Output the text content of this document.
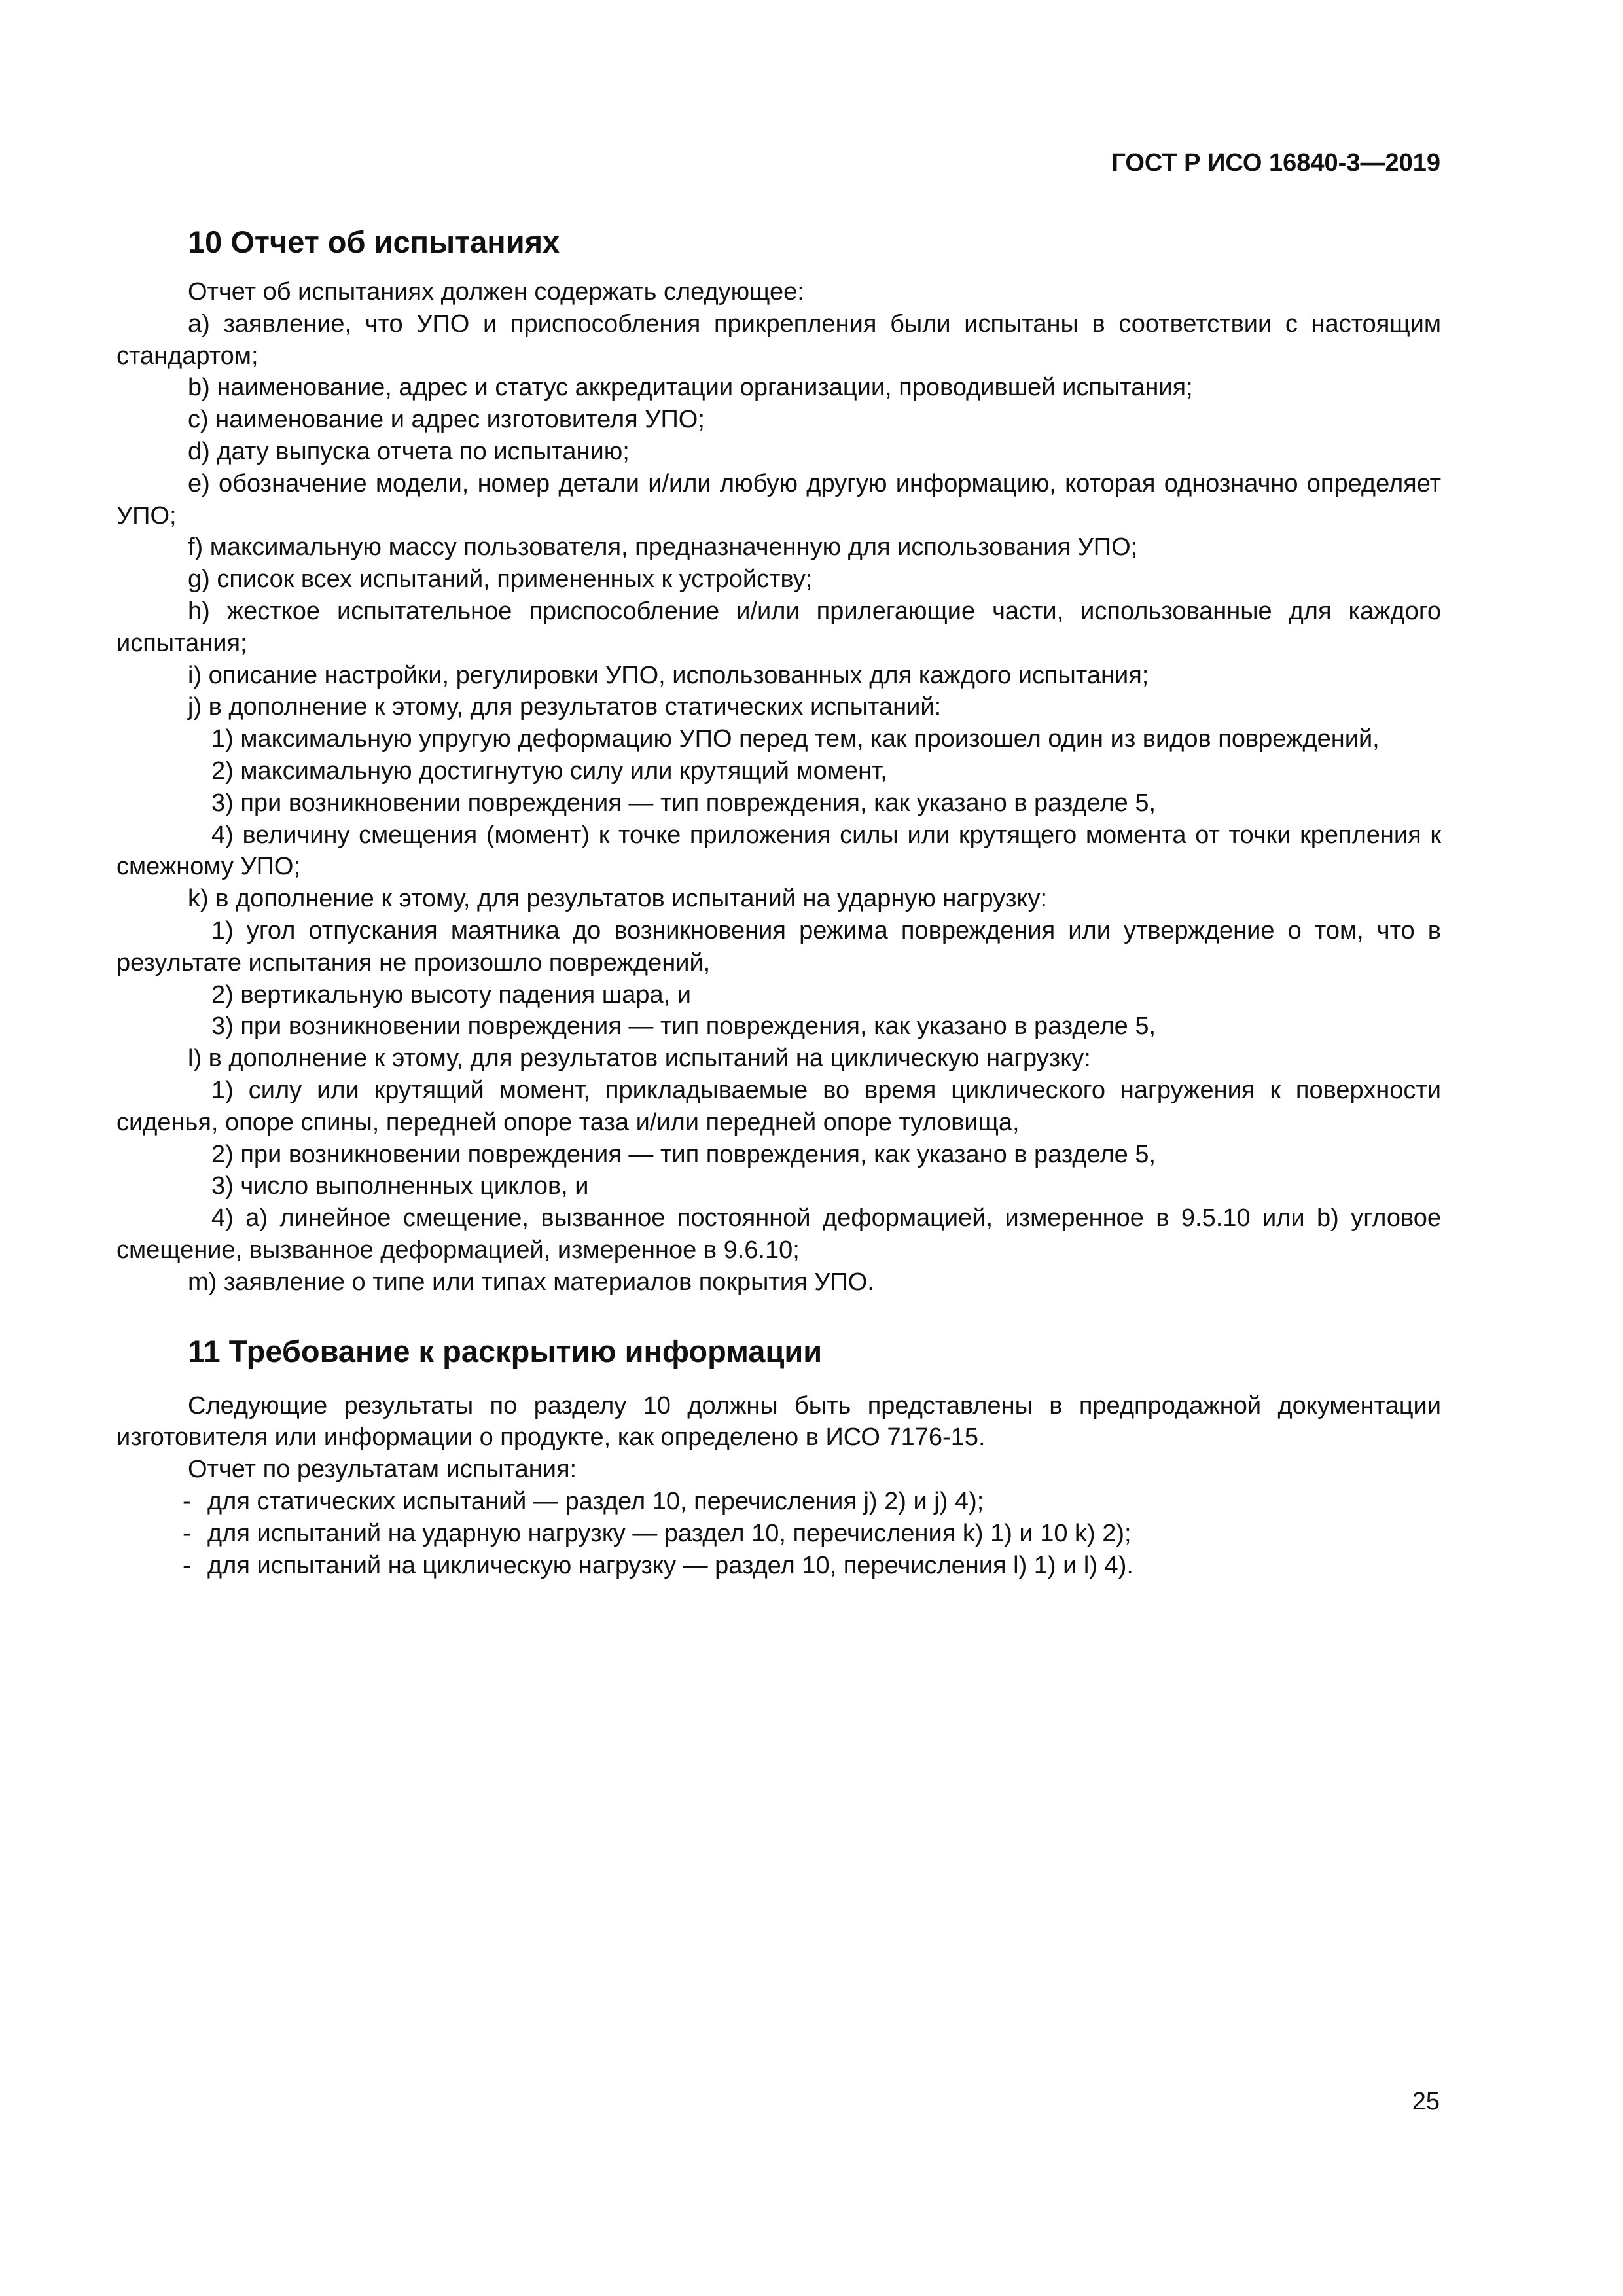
ГОСТ Р ИСО 16840-3—2019
10 Отчет об испытаниях

Отчет об испытаниях должен содержать следующее:

a) заявление, что УПО и приспособления прикрепления были испытаны в соответствии с настоящим стандартом;

b) наименование, адрес и статус аккредитации организации, проводившей испытания;

c) наименование и адрес изготовителя УПО;

d) дату выпуска отчета по испытанию;

e) обозначение модели, номер детали и/или любую другую информацию, которая однозначно определяет УПО;

f) максимальную массу пользователя, предназначенную для использования УПО;

g) список всех испытаний, примененных к устройству;

h) жесткое испытательное приспособление и/или прилегающие части, использованные для каждого испытания;

i) описание настройки, регулировки УПО, использованных для каждого испытания;

j) в дополнение к этому, для результатов статических испытаний:

1) максимальную упругую деформацию УПО перед тем, как произошел один из видов повреждений,

2) максимальную достигнутую силу или крутящий момент,

3) при возникновении повреждения — тип повреждения, как указано в разделе 5,

4) величину смещения (момент) к точке приложения силы или крутящего момента от точки крепления к смежному УПО;

k) в дополнение к этому, для результатов испытаний на ударную нагрузку:

1) угол отпускания маятника до возникновения режима повреждения или утверждение о том, что в результате испытания не произошло повреждений,

2) вертикальную высоту падения шара, и

3) при возникновении повреждения — тип повреждения, как указано в разделе 5,

l) в дополнение к этому, для результатов испытаний на циклическую нагрузку:

1) силу или крутящий момент, прикладываемые во время циклического нагружения к поверхности сиденья, опоре спины, передней опоре таза и/или передней опоре туловища,

2) при возникновении повреждения — тип повреждения, как указано в разделе 5,

3) число выполненных циклов, и

4) a) линейное смещение, вызванное постоянной деформацией, измеренное в 9.5.10 или b) угловое смещение, вызванное деформацией, измеренное в 9.6.10;

m) заявление о типе или типах материалов покрытия УПО.

11 Требование к раскрытию информации

Следующие результаты по разделу 10 должны быть представлены в предпродажной документации изготовителя или информации о продукте, как определено в ИСО 7176-15.

Отчет по результатам испытания:

- для статических испытаний — раздел 10, перечисления j) 2) и j) 4);
- для испытаний на ударную нагрузку — раздел 10, перечисления k) 1) и 10 k) 2);
- для испытаний на циклическую нагрузку — раздел 10, перечисления l) 1) и l) 4).
25
